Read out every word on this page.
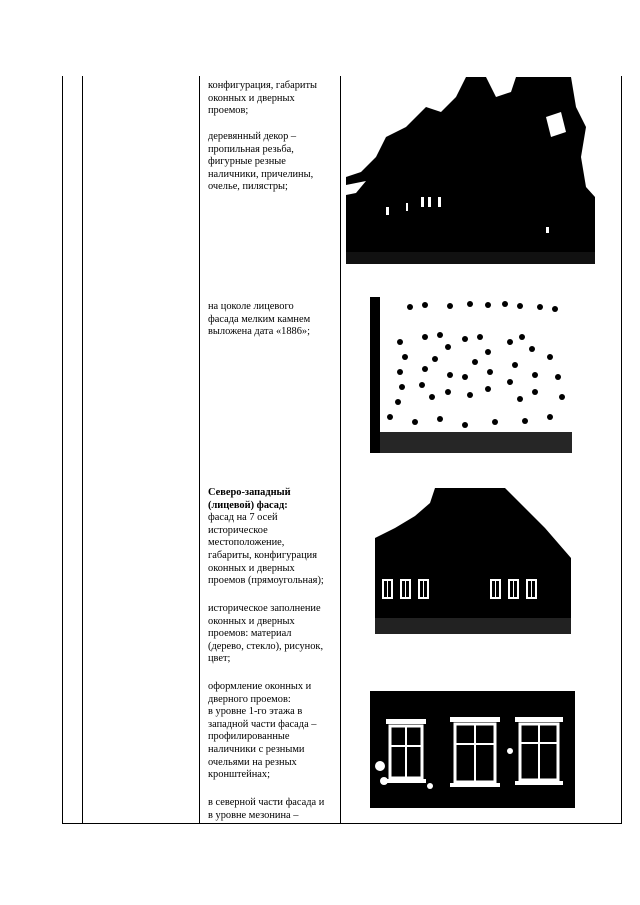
конфигурация, габариты

оконных и дверных

проемов;

деревянный декор –

пропильная резьба,

фигурные резные

наличники, причелины,

очелье, пилястры;

на цоколе лицевого

фасада мелким камнем

выложена дата «1886»;

Северо-западный

(лицевой) фасад:

фасад на 7 осей

историческое

местоположение,

габариты, конфигурация

оконных и дверных

проемов (прямоугольная);

историческое заполнение

оконных и дверных

проемов: материал

(дерево, стекло), рисунок,

цвет;

оформление оконных и

дверного проемов:

в уровне 1-го этажа в

западной части фасада –

профилированные

наличники с резными

очельями на резных

кронштейнах;

в северной части фасада и

в уровне мезонина –
